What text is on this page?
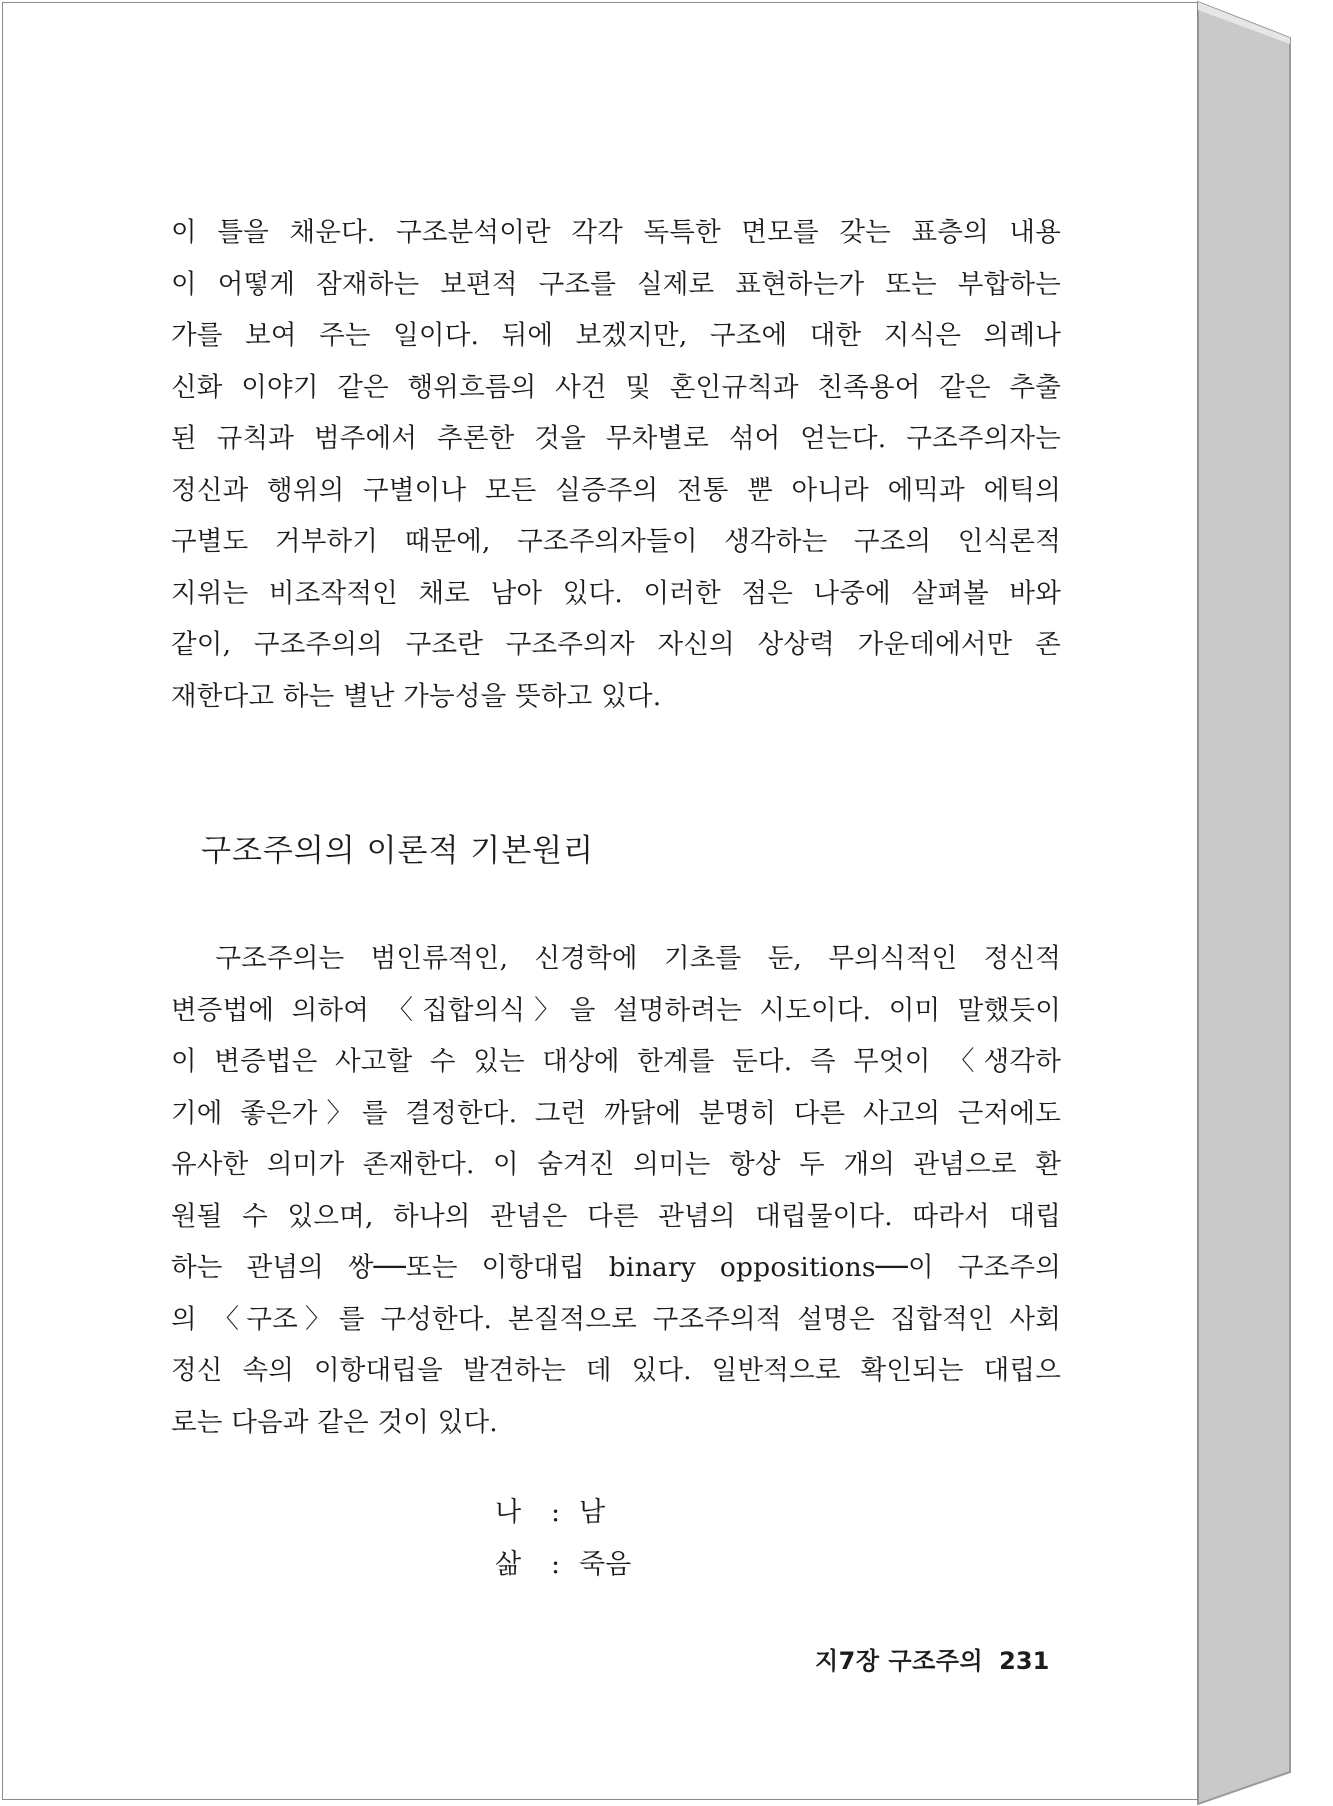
이 틀을 채운다. 구조분석이란 각각 독특한 면모를 갖는 표층의 내용
이 어떻게 잠재하는 보편적 구조를 실제로 표현하는가 또는 부합하는
가를 보여 주는 일이다. 뒤에 보겠지만, 구조에 대한 지식은 의례나
신화 이야기 같은 행위흐름의 사건 및 혼인규칙과 친족용어 같은 추출
된 규칙과 범주에서 추론한 것을 무차별로 섞어 얻는다. 구조주의자는
정신과 행위의 구별이나 모든 실증주의 전통 뿐 아니라 에믹과 에틱의
구별도 거부하기 때문에, 구조주의자들이 생각하는 구조의 인식론적
지위는 비조작적인 채로 남아 있다. 이러한 점은 나중에 살펴볼 바와
같이, 구조주의의 구조란 구조주의자 자신의 상상력 가운데에서만 존
재한다고 하는 별난 가능성을 뜻하고 있다.
구조주의의 이론적 기본원리
　구조주의는 범인류적인, 신경학에 기초를 둔, 무의식적인 정신적
변증법에 의하여 〈집합의식〉을 설명하려는 시도이다. 이미 말했듯이
이 변증법은 사고할 수 있는 대상에 한계를 둔다. 즉 무엇이 〈생각하
기에 좋은가〉를 결정한다. 그런 까닭에 분명히 다른 사고의 근저에도
유사한 의미가 존재한다. 이 숨겨진 의미는 항상 두 개의 관념으로 환
원될 수 있으며, 하나의 관념은 다른 관념의 대립물이다. 따라서 대립
하는 관념의 쌍──또는 이항대립 binary oppositions──이 구조주의
의 〈구조〉를 구성한다. 본질적으로 구조주의적 설명은 집합적인 사회
정신 속의 이항대립을 발견하는 데 있다. 일반적으로 확인되는 대립으
로는 다음과 같은 것이 있다.
나 : 남
삶 : 죽음
지7장 구조주의 231
